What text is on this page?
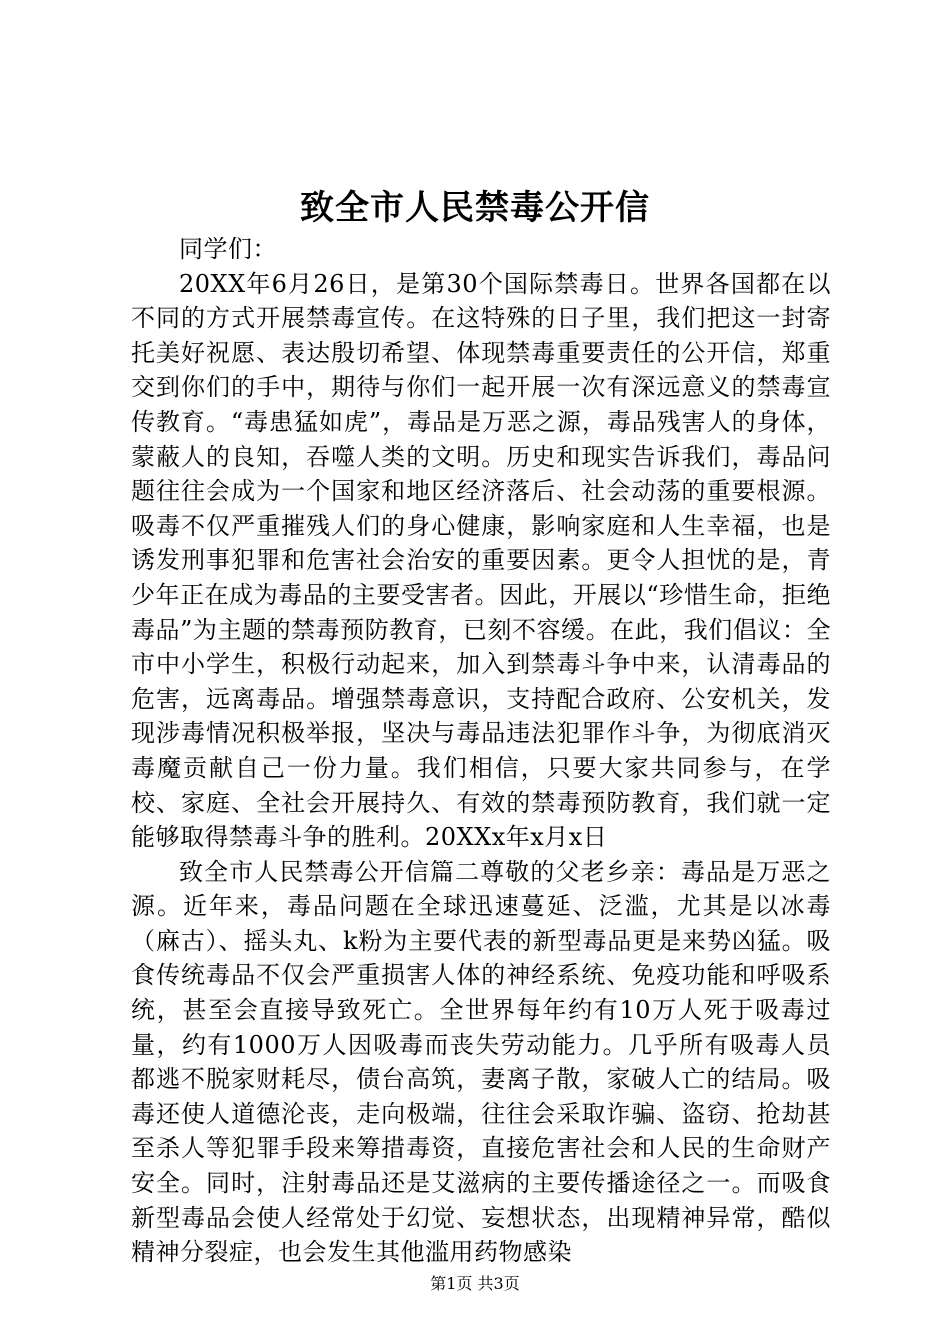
致全市人民禁毒公开信

同学们：

20XX年6月26日，是第30个国际禁毒日。世界各国都在以不同的方式开展禁毒宣传。在这特殊的日子里，我们把这一封寄托美好祝愿、表达殷切希望、体现禁毒重要责任的公开信，郑重交到你们的手中，期待与你们一起开展一次有深远意义的禁毒宣传教育。“毒患猛如虎”，毒品是万恶之源，毒品残害人的身体，蒙蔽人的良知，吞噬人类的文明。历史和现实告诉我们，毒品问题往往会成为一个国家和地区经济落后、社会动荡的重要根源。吸毒不仅严重摧残人们的身心健康，影响家庭和人生幸福，也是诱发刑事犯罪和危害社会治安的重要因素。更令人担忧的是，青少年正在成为毒品的主要受害者。因此，开展以“珍惜生命，拒绝毒品”为主题的禁毒预防教育，已刻不容缓。在此，我们倡议：全市中小学生，积极行动起来，加入到禁毒斗争中来，认清毒品的危害，远离毒品。增强禁毒意识，支持配合政府、公安机关，发现涉毒情况积极举报，坚决与毒品违法犯罪作斗争，为彻底消灭毒魔贡献自己一份力量。我们相信，只要大家共同参与，在学校、家庭、全社会开展持久、有效的禁毒预防教育，我们就一定能够取得禁毒斗争的胜利。20XXx年x月x日

致全市人民禁毒公开信篇二尊敬的父老乡亲：毒品是万恶之源。近年来，毒品问题在全球迅速蔓延、泛滥，尤其是以冰毒（麻古）、摇头丸、k粉为主要代表的新型毒品更是来势凶猛。吸食传统毒品不仅会严重损害人体的神经系统、免疫功能和呼吸系统，甚至会直接导致死亡。全世界每年约有10万人死于吸毒过量，约有1000万人因吸毒而丧失劳动能力。几乎所有吸毒人员都逃不脱家财耗尽，债台高筑，妻离子散，家破人亡的结局。吸毒还使人道德沦丧，走向极端，往往会采取诈骗、盗窃、抢劫甚至杀人等犯罪手段来筹措毒资，直接危害社会和人民的生命财产安全。同时，注射毒品还是艾滋病的主要传播途径之一。而吸食新型毒品会使人经常处于幻觉、妄想状态，出现精神异常，酷似精神分裂症，也会发生其他滥用药物感染

第1页 共3页
